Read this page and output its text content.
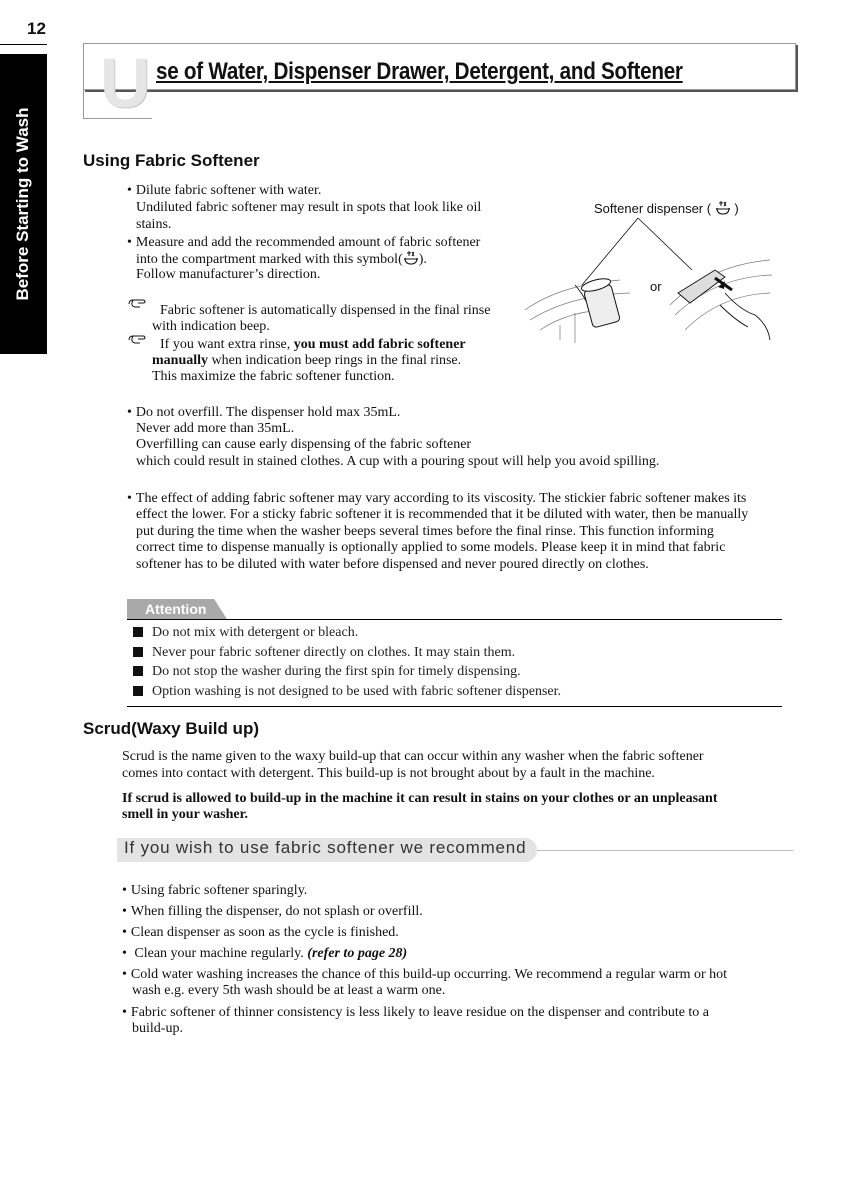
12
Before Starting to Wash
U se of Water, Dispenser Drawer, Detergent, and Softener
Using Fabric Softener
• Dilute fabric softener with water.
Undiluted fabric softener may result in spots that look like oil
stains.
• Measure and add the recommended amount of fabric softener
into the compartment marked with this symbol( ).
Follow manufacturer’s direction.
Fabric softener is automatically dispensed in the final rinse
with indication beep.
If you want extra rinse, you must add fabric softener
manually when indication beep rings in the final rinse.
This maximize the fabric softener function.
Softener dispenser ( )
or
• Do not overfill. The dispenser hold max 35mL.
Never add more than 35mL.
Overfilling can cause early dispensing of the fabric softener
which could result in stained clothes. A cup with a pouring spout will help you avoid spilling.
• The effect of adding fabric softener may vary according to its viscosity. The stickier fabric softener makes its
effect the lower. For a sticky fabric softener it is recommended that it be diluted with water, then be manually
put during the time when the washer beeps several times before the final rinse. This function informing
correct time to dispense manually is optionally applied to some models. Please keep it in mind that fabric
softener has to be diluted with water before dispensed and never poured directly on clothes.
Attention
Do not mix with detergent or bleach.
Never pour fabric softener directly on clothes. It may stain them.
Do not stop the washer during the first spin for timely dispensing.
Option washing is not designed to be used with fabric softener dispenser.
Scrud(Waxy Build up)
Scrud is the name given to the waxy build-up that can occur within any washer when the fabric softener
comes into contact with detergent. This build-up is not brought about by a fault in the machine.
If scrud is allowed to build-up in the machine it can result in stains on your clothes or an unpleasant
smell in your washer.
If you wish to use fabric softener we recommend
• Using fabric softener sparingly.
• When filling the dispenser, do not splash or overfill.
• Clean dispenser as soon as the cycle is finished.
• Clean your machine regularly. (refer to page 28)
• Cold water washing increases the chance of this build-up occurring. We recommend a regular warm or hot
wash e.g. every 5th wash should be at least a warm one.
• Fabric softener of thinner consistency is less likely to leave residue on the dispenser and contribute to a
build-up.
